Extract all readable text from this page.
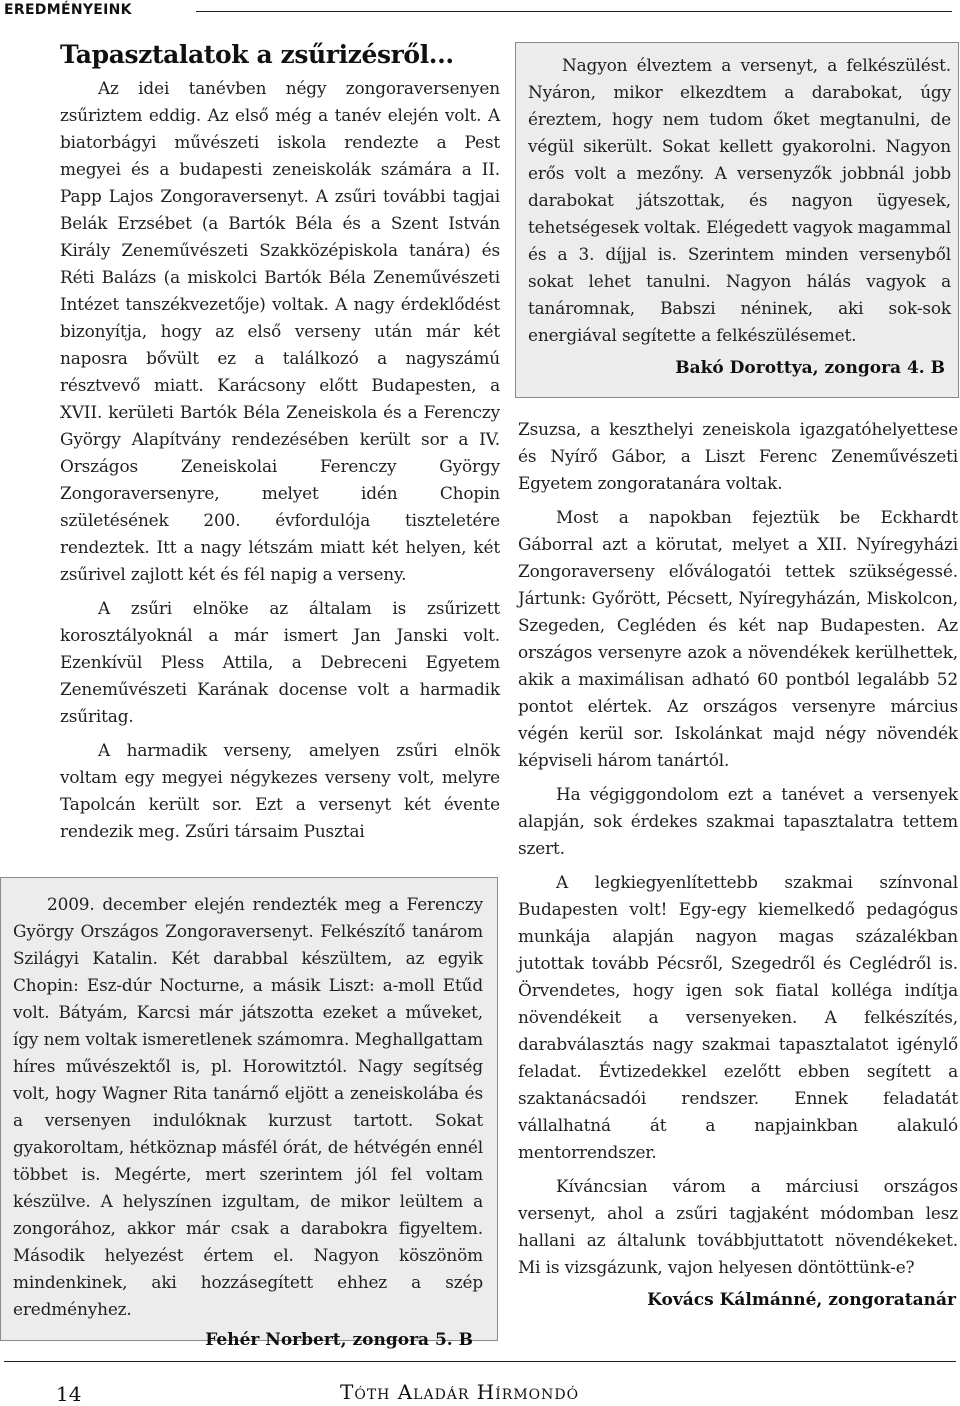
EREDMÉNYEINK
Tapasztalatok a zsűrizésről...

Az idei tanévben négy zongoraversenyen zsűriztem eddig. Az első még a tanév elején volt. A biatorbágyi művészeti iskola rendezte a Pest megyei és a budapesti zeneiskolák számára a II. Papp Lajos Zongoraversenyt. A zsűri további tagjai Belák Erzsébet (a Bartók Béla és a Szent István Király Zeneművészeti Szakközépiskola tanára) és Réti Balázs (a miskolci Bartók Béla Zeneművészeti Intézet tanszékvezetője) voltak. A nagy érdeklődést bizonyítja, hogy az első verseny után már két naposra bővült ez a találkozó a nagyszámú résztvevő miatt. Karácsony előtt Budapesten, a XVII. kerületi Bartók Béla Zeneiskola és a Ferenczy György Alapítvány rendezésében került sor a IV. Országos Zeneiskolai Ferenczy György Zongoraversenyre, melyet idén Chopin születésének 200. évfordulója tiszteletére rendeztek. Itt a nagy létszám miatt két helyen, két zsűrivel zajlott két és fél napig a verseny.

A zsűri elnöke az általam is zsűrizett korosztályoknál a már ismert Jan Janski volt. Ezenkívül Pless Attila, a Debreceni Egyetem Zeneművészeti Karának docense volt a harmadik zsűritag.

A harmadik verseny, amelyen zsűri elnök voltam egy megyei négykezes verseny volt, melyre Tapolcán került sor. Ezt a versenyt két évente rendezik meg. Zsűri társaim Pusztai

2009. december elején rendezték meg a Ferenczy György Országos Zongoraversenyt. Felkészítő tanárom Szilágyi Katalin. Két darabbal készültem, az egyik Chopin: Esz-dúr Nocturne, a másik Liszt: a-moll Etűd volt. Bátyám, Karcsi már játszotta ezeket a műveket, így nem voltak ismeretlenek számomra. Meghallgattam híres művészektől is, pl. Horowitztól. Nagy segítség volt, hogy Wagner Rita tanárnő eljött a zeneiskolába és a versenyen indulóknak kurzust tartott. Sokat gyakoroltam, hétköznap másfél órát, de hétvégén ennél többet is. Megérte, mert szerintem jól fel voltam készülve. A helyszínen izgultam, de mikor leültem a zongorához, akkor már csak a darabokra figyeltem. Második helyezést értem el. Nagyon köszönöm mindenkinek, aki hozzásegített ehhez a szép eredményhez.

Fehér Norbert, zongora 5. B

Nagyon élveztem a versenyt, a felkészülést. Nyáron, mikor elkezdtem a darabokat, úgy éreztem, hogy nem tudom őket megtanulni, de végül sikerült. Sokat kellett gyakorolni. Nagyon erős volt a mezőny. A versenyzők jobbnál jobb darabokat játszottak, és nagyon ügyesek, tehetségesek voltak. Elégedett vagyok magammal és a 3. díjjal is. Szerintem minden versenyből sokat lehet tanulni. Nagyon hálás vagyok a tanáromnak, Babszi néninek, aki sok-sok energiával segítette a felkészülésemet.

Bakó Dorottya, zongora 4. B

Zsuzsa, a keszthelyi zeneiskola igazgatóhelyettese és Nyírő Gábor, a Liszt Ferenc Zeneművészeti Egyetem zongoratanára voltak.

Most a napokban fejeztük be Eckhardt Gáborral azt a körutat, melyet a XII. Nyíregyházi Zongoraverseny előválogatói tettek szükségessé. Jártunk: Győrött, Pécsett, Nyíregyházán, Miskolcon, Szegeden, Cegléden és két nap Budapesten. Az országos versenyre azok a növendékek kerülhettek, akik a maximálisan adható 60 pontból legalább 52 pontot elértek. Az országos versenyre március végén kerül sor. Iskolánkat majd négy növendék képviseli három tanártól.

Ha végiggondolom ezt a tanévet a versenyek alapján, sok érdekes szakmai tapasztalatra tettem szert.

A legkiegyenlítettebb szakmai színvonal Budapesten volt! Egy-egy kiemelkedő pedagógus munkája alapján nagyon magas százalékban jutottak tovább Pécsről, Szegedről és Ceglédről is. Örvendetes, hogy igen sok fiatal kolléga indítja növendékeit a versenyeken. A felkészítés, darabválasztás nagy szakmai tapasztalatot igénylő feladat. Évtizedekkel ezelőtt ebben segített a szaktanácsadói rendszer. Ennek feladatát vállalhatná át a napjainkban alakuló mentorrendszer.

Kíváncsian várom a márciusi országos versenyt, ahol a zsűri tagjaként módomban lesz hallani az általunk továbbjuttatott növendékeket. Mi is vizsgázunk, vajon helyesen döntöttünk-e?

Kovács Kálmánné, zongoratanár
14	Tóth Aladár Hírmondó
